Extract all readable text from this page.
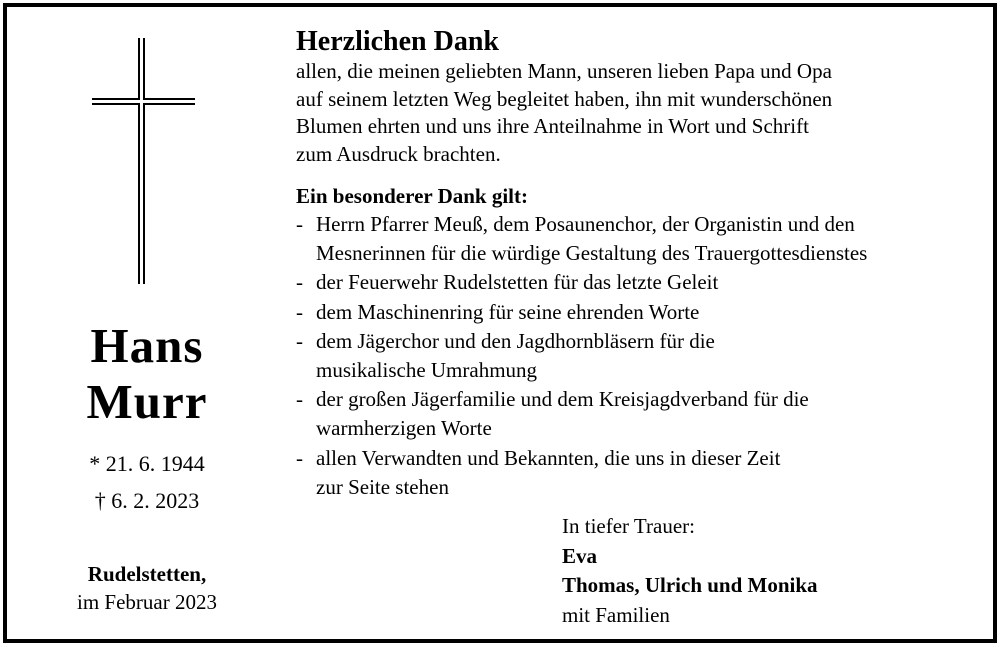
Hans
Murr
* 21. 6. 1944
† 6. 2. 2023
Rudelstetten,
im Februar 2023
Herzlichen Dank
allen, die meinen geliebten Mann, unseren lieben Papa und Opa
auf seinem letzten Weg begleitet haben, ihn mit wunderschönen
Blumen ehrten und uns ihre Anteilnahme in Wort und Schrift
zum Ausdruck brachten.
Ein besonderer Dank gilt:
- Herrn Pfarrer Meuß, dem Posaunenchor, der Organistin und den
Mesnerinnen für die würdige Gestaltung des Trauergottesdienstes
- der Feuerwehr Rudelstetten für das letzte Geleit
- dem Maschinenring für seine ehrenden Worte
- dem Jägerchor und den Jagdhornbläsern für die
musikalische Umrahmung
- der großen Jägerfamilie und dem Kreisjagdverband für die
warmherzigen Worte
- allen Verwandten und Bekannten, die uns in dieser Zeit
zur Seite stehen
In tiefer Trauer:
Eva
Thomas, Ulrich und Monika
mit Familien
